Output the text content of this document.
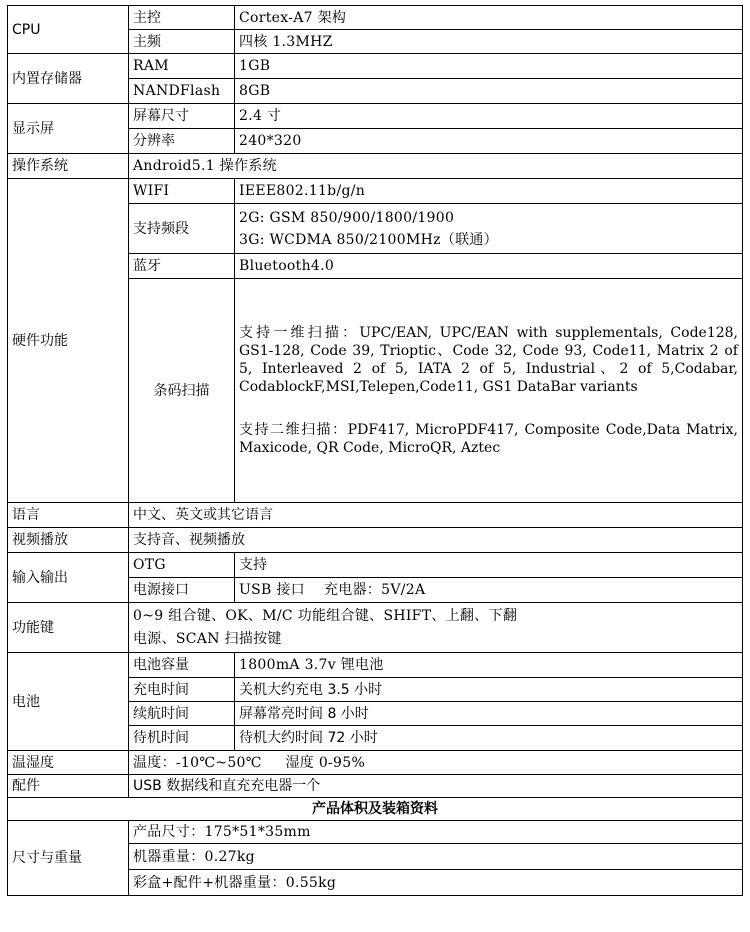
CPU	主控	Cortex-A7 架构
	主频	四核 1.3MHZ
内置存储器	RAM	1GB
	NANDFlash	8GB
显示屏	屏幕尺寸	2.4 寸
	分辨率	240*320
操作系统	Android5.1 操作系统	
硬件功能	WIFI	IEEE802.11b/g/n
	支持频段	2G: GSM 850/900/1800/1900
3G: WCDMA 850/2100MHz（联通）

	蓝牙	Bluetooth4.0
	条码扫描	支持一维扫描：UPC/EAN, UPC/EAN with supplementals, Code128, GS1-128, Code 39, Trioptic、Code 32, Code 93, Code11, Matrix 2 of 5, Interleaved 2 of 5, IATA 2 of 5, Industrial、2 of 5,Codabar, CodablockF,MSI,Telepen,Code11, GS1 DataBar variants

支持二维扫描：PDF417, MicroPDF417, Composite Code,Data Matrix, Maxicode, QR Code, MicroQR, Aztec

语言	中文、英文或其它语言	
视频播放	支持音、视频播放	
输入输出	OTG	支持
	电源接口	USB 接口    充电器：5V/2A
功能键	0~9 组合键、OK、M/C 功能组合键、SHIFT、上翻、下翻
电源、SCAN 扫描按键	

电池	电池容量	1800mA 3.7v 锂电池
	充电时间	关机大约充电 3.5 小时
	续航时间	屏幕常亮时间 8 小时
	待机时间	待机大约时间 72 小时
温湿度	温度：-10℃~50℃     湿度 0-95%	
配件	USB 数据线和直充充电器一个	
产品体积及装箱资料		
尺寸与重量	产品尺寸：175*51*35mm	
	机器重量：0.27kg	
	彩盒+配件+机器重量：0.55kg	
